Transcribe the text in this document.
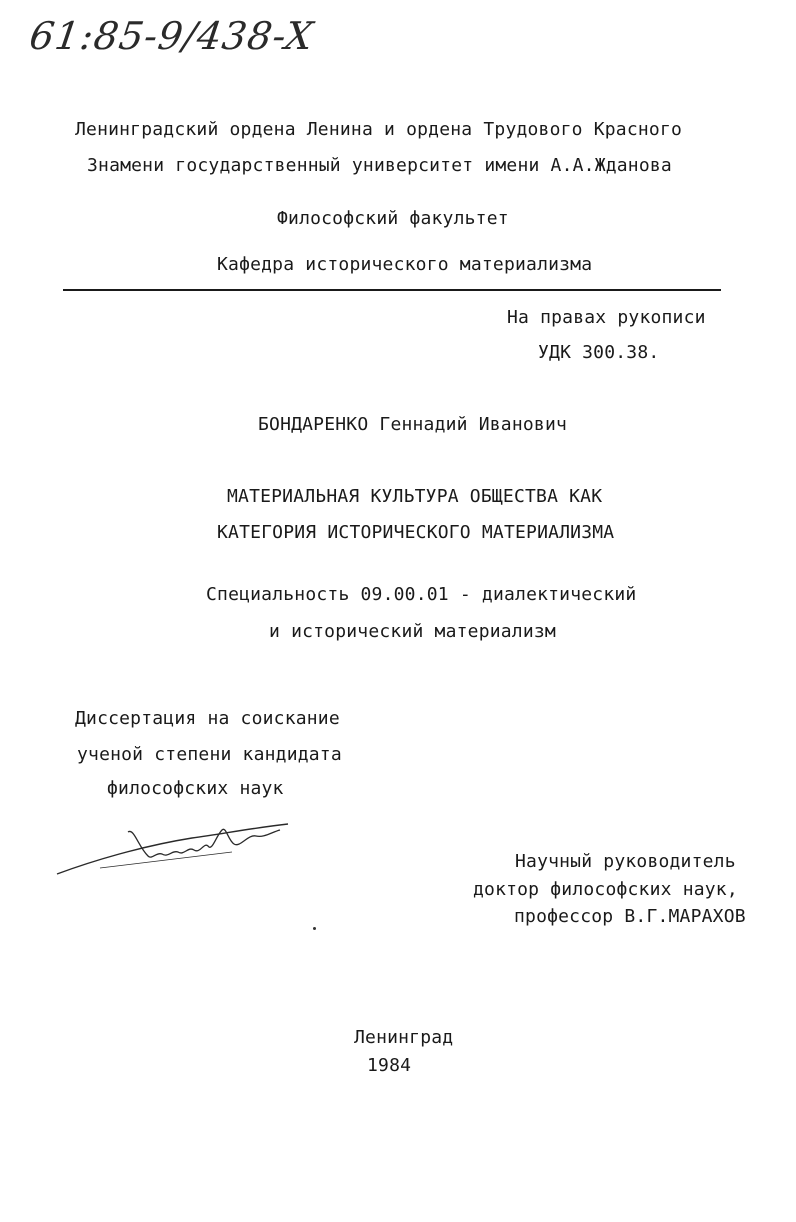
61:85-9/438-X
Ленинградский ордена Ленина и ордена Трудового Красного
Знамени государственный университет имени А.А.Жданова
Философский факультет
Кафедра исторического материализма
На правах рукописи
УДК 300.38.
БОНДАРЕНКО Геннадий Иванович
МАТЕРИАЛЬНАЯ КУЛЬТУРА ОБЩЕСТВА КАК
КАТЕГОРИЯ ИСТОРИЧЕСКОГО МАТЕРИАЛИЗМА
Специальность 09.00.01 - диалектический
и исторический материализм
Диссертация на соискание
ученой степени кандидата
философских наук
Научный руководитель
доктор философских наук,
профессор В.Г.МАРАХОВ
Ленинград
1984
